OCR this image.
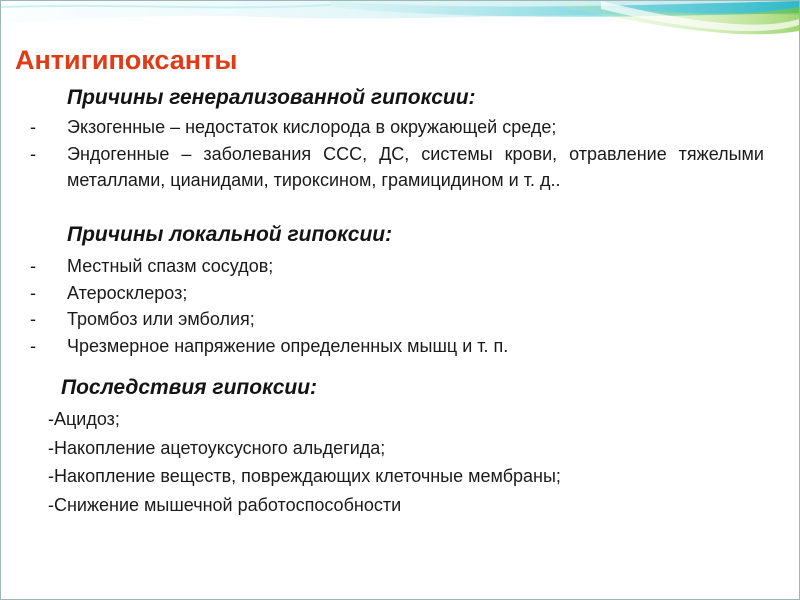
Антигипоксанты
Причины генерализованной гипоксии:
- Экзогенные – недостаток кислорода в окружающей среде;
- Эндогенные – заболевания ССС, ДС, системы крови, отравление тяжелыми металлами, цианидами, тироксином, грамицидином и т. д..
Причины локальной гипоксии:
- Местный спазм сосудов;
- Атеросклероз;
- Тромбоз или эмболия;
- Чрезмерное напряжение определенных мышц и т. п.
Последствия гипоксии:
-Ацидоз;
-Накопление ацетоуксусного альдегида;
-Накопление веществ, повреждающих клеточные мембраны;
-Снижение мышечной работоспособности
